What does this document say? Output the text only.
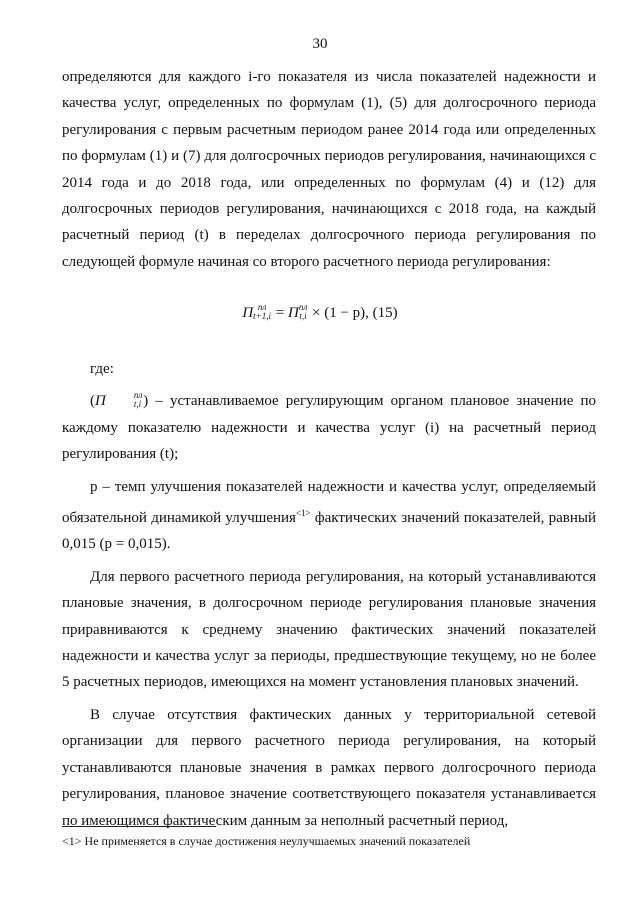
30

определяются для каждого i-го показателя из числа показателей надежности и качества услуг, определенных по формулам (1), (5) для долгосрочного периода регулирования с первым расчетным периодом ранее 2014 года или определенных по формулам (1) и (7) для долгосрочных периодов регулирования, начинающихся с 2014 года и до 2018 года, или определенных по формулам (4) и (12) для долгосрочных периодов регулирования, начинающихся с 2018 года, на каждый расчетный период (t) в переделах долгосрочного периода регулирования по следующей формуле начиная со второго расчетного периода регулирования:

П пл
t+1,i = П пл
t,i × (1 − p), (15)

где:

(П	пл
t,i ) – устанавливаемое регулирующим органом плановое значение по каждому показателю надежности и качества услуг (i) на расчетный период регулирования (t);

p – темп улучшения показателей надежности и качества услуг, определяемый обязательной динамикой улучшения$^{<1>}$ фактических значений показателей, равный 0,015 (p = 0,015).

Для первого расчетного периода регулирования, на который устанавливаются плановые значения, в долгосрочном периоде регулирования плановые значения приравниваются к среднему значению фактических значений показателей надежности и качества услуг за периоды, предшествующие текущему, но не более 5 расчетных периодов, имеющихся на момент установления плановых значений.

В случае отсутствия фактических данных у территориальной сетевой организации для первого расчетного периода регулирования, на который устанавливаются плановые значения в рамках первого долгосрочного периода регулирования, плановое значение соответствующего показателя устанавливается по имеющимся фактическим данным за неполный расчетный период,

<1> Не применяется в случае достижения неулучшаемых значений показателей
